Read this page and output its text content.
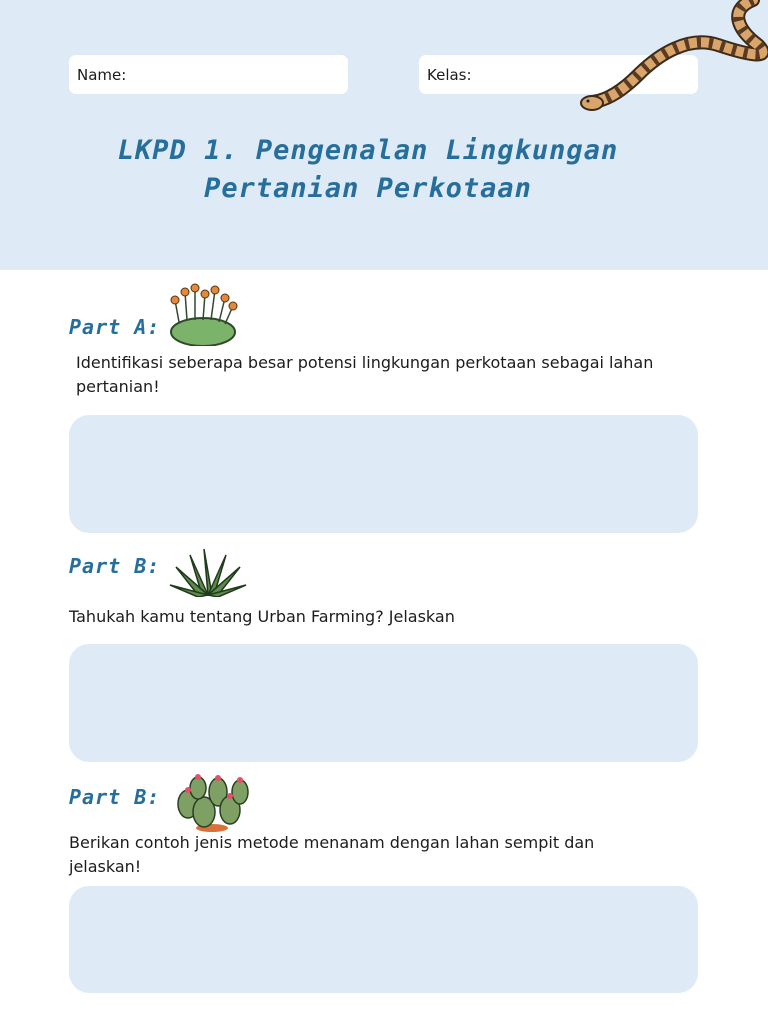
Name:	Kelas:
LKPD 1. Pengenalan Lingkungan
Pertanian Perkotaan
Part A:

Identifikasi seberapa besar potensi lingkungan perkotaan sebagai lahan
pertanian!

Part B:

Tahukah kamu tentang Urban Farming? Jelaskan

Part B:

Berikan contoh jenis metode menanam dengan lahan sempit dan
jelaskan!
